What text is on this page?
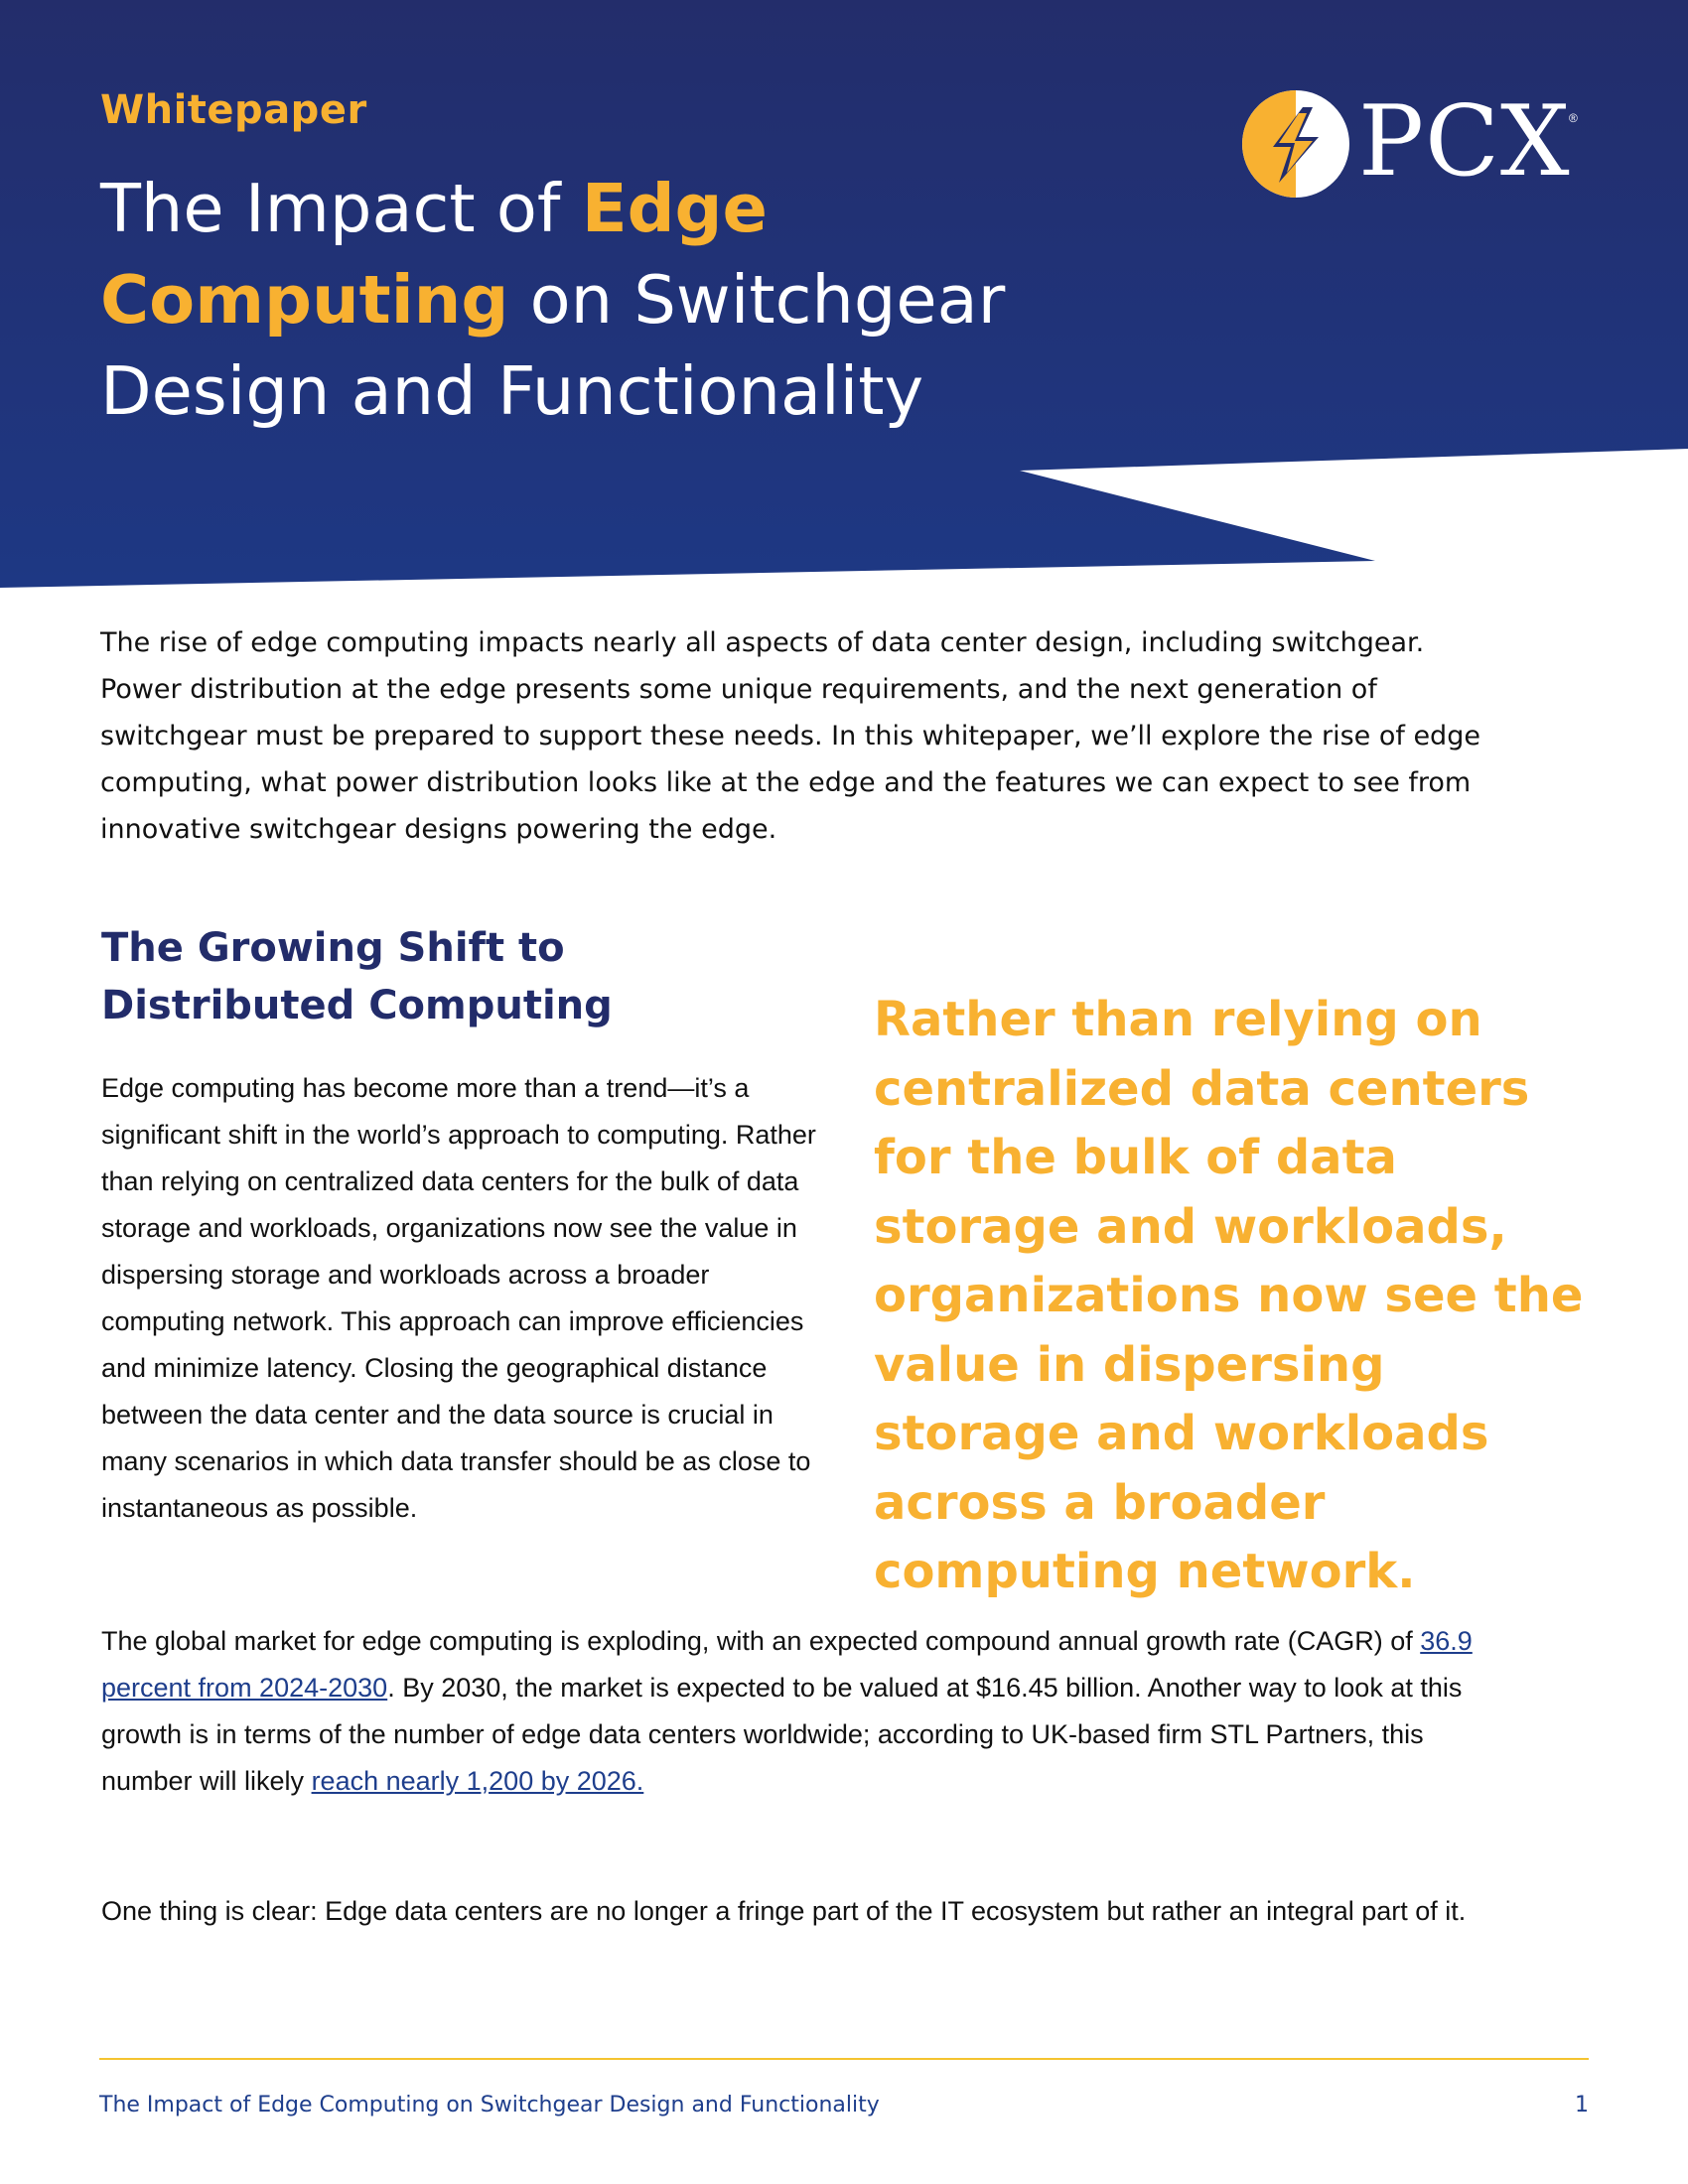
Whitepaper
The Impact of Edge Computing on Switchgear Design and Functionality
PCX
®

The rise of edge computing impacts nearly all aspects of data center design, including switchgear. Power distribution at the edge presents some unique requirements, and the next generation of switchgear must be prepared to support these needs. In this whitepaper, we’ll explore the rise of edge computing, what power distribution looks like at the edge and the features we can expect to see from innovative switchgear designs powering the edge.

The Growing Shift to Distributed Computing

Edge computing has become more than a trend—it’s a significant shift in the world’s approach to computing. Rather than relying on centralized data centers for the bulk of data storage and workloads, organizations now see the value in dispersing storage and workloads across a broader computing network. This approach can improve efficiencies and minimize latency. Closing the geographical distance between the data center and the data source is crucial in many scenarios in which data transfer should be as close to instantaneous as possible.

Rather than relying on centralized data centers for the bulk of data storage and workloads, organizations now see the value in dispersing storage and workloads across a broader computing network.

The global market for edge computing is exploding, with an expected compound annual growth rate (CAGR) of 36.9 percent from 2024-2030. By 2030, the market is expected to be valued at $16.45 billion. Another way to look at this growth is in terms of the number of edge data centers worldwide; according to UK-based firm STL Partners, this number will likely reach nearly 1,200 by 2026.

One thing is clear: Edge data centers are no longer a fringe part of the IT ecosystem but rather an integral part of it.

The Impact of Edge Computing on Switchgear Design and Functionality	1
